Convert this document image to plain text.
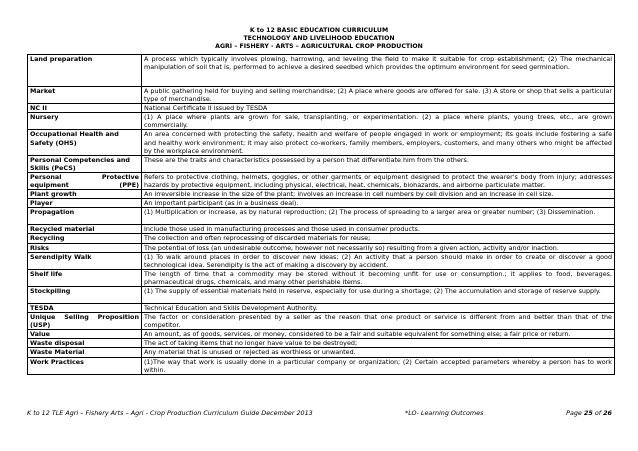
K to 12 BASIC EDUCATION CURRICULUM
TECHNOLOGY AND LIVELIHOOD EDUCATION
AGRI – FISHERY - ARTS – AGRICULTURAL CROP PRODUCTION
Land preparation	A process which typically involves plowing, harrowing, and leveling the field to make it suitable for crop establishment; (2) The mechanical manipulation of soil that is, performed to achieve a desired seedbed which provides the optimum environment for seed germination.
Market	A public gathering held for buying and selling merchandise; (2) A place where goods are offered for sale. (3) A store or shop that sells a particular type of merchandise.
NC II	National Certificate II issued by TESDA
Nursery	(1) A place where plants are grown for sale, transplanting, or experimentation. (2) a place where plants, young trees, etc., are grown commercially.
Occupational Health and Safety (OHS)	An area concerned with protecting the safety, health and welfare of people engaged in work or employment; Its goals include fostering a safe and healthy work environment; it may also protect co-workers, family members, employers, customers, and many others who might be affected by the workplace environment.
Personal Competencies and Skills (PeCS)	These are the traits and characteristics possessed by a person that differentiate him from the others.
Personal Protective equipment (PPE)	Refers to protective clothing, helmets, goggles, or other garments or equipment designed to protect the wearer's body from injury; addresses hazards by protective equipment, including physical, electrical, heat, chemicals, biohazards, and airborne particulate matter.
Plant growth	An irreversible increase in the size of the plant; involves an increase in cell numbers by cell division and an increase in cell size.
Player	An important participant (as in a business deal).
Propagation	(1) Multiplication or increase, as by natural reproduction; (2) The process of spreading to a larger area or greater number; (3) Dissemination.
Recycled material	Include those used in manufacturing processes and those used in consumer products.
Recycling	The collection and often reprocessing of discarded materials for reuse;
Risks	The potential of loss (an undesirable outcome, however not necessarily so) resulting from a given action, activity and/or inaction.
Serendipity Walk	(1) To walk around places in order to discover new ideas; (2) An activity that a person should make in order to create or discover a good technological idea. Serendipity is the act of making a discovery by accident.
Shelf life	The length of time that a commodity may be stored without it becoming unfit for use or consumption.; it applies to food, beverages, pharmaceutical drugs, chemicals, and many other perishable items.
Stockpiling	(1) The supply of essential materials held in reserve, especially for use during a shortage; (2) The accumulation and storage of reserve supply.
TESDA	Technical Education and Skills Development Authority.
Unique Selling Proposition (USP)	The factor or consideration presented by a seller as the reason that one product or service is different from and better than that of the competitor.
Value	An amount, as of goods, services, or money, considered to be a fair and suitable equivalent for something else; a fair price or return.
Waste disposal	The act of taking items that no longer have value to be destroyed;
Waste Material	Any material that is unused or rejected as worthless or unwanted.
Work Practices	(1)The way that work is usually done in a particular company or organization; (2) Certain accepted parameters whereby a person has to work within.
K to 12 TLE Agri – Fishery Arts – Agri - Crop Production Curriculum Guide December 2013	*LO- Learning Outcomes	Page 25 of 26
